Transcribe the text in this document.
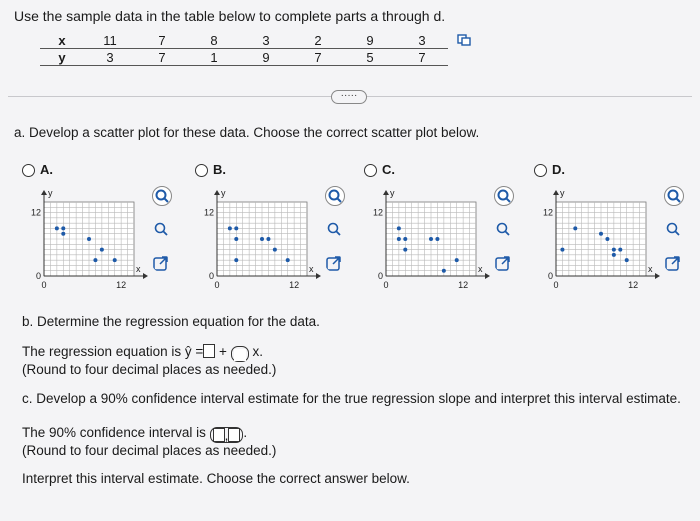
Use the sample data in the table below to complete parts a through d.
x	11	7	8	3	2	9	3
y	3	7	1	9	7	5	7
·····
a. Develop a scatter plot for these data. Choose the correct scatter plot below.
A.
y
x
12
0
0	12
B.
y
x
12
0
0	12
C.
y
x
12
0
0	12
D.
y
x
12
0
0	12
b. Determine the regression equation for the data.
The regression equation is ŷ = + x.
(Round to four decimal places as needed.)
c. Develop a 90% confidence interval estimate for the true regression slope and interpret this interval estimate.
The 90% confidence interval is , .
(Round to four decimal places as needed.)
Interpret this interval estimate. Choose the correct answer below.
